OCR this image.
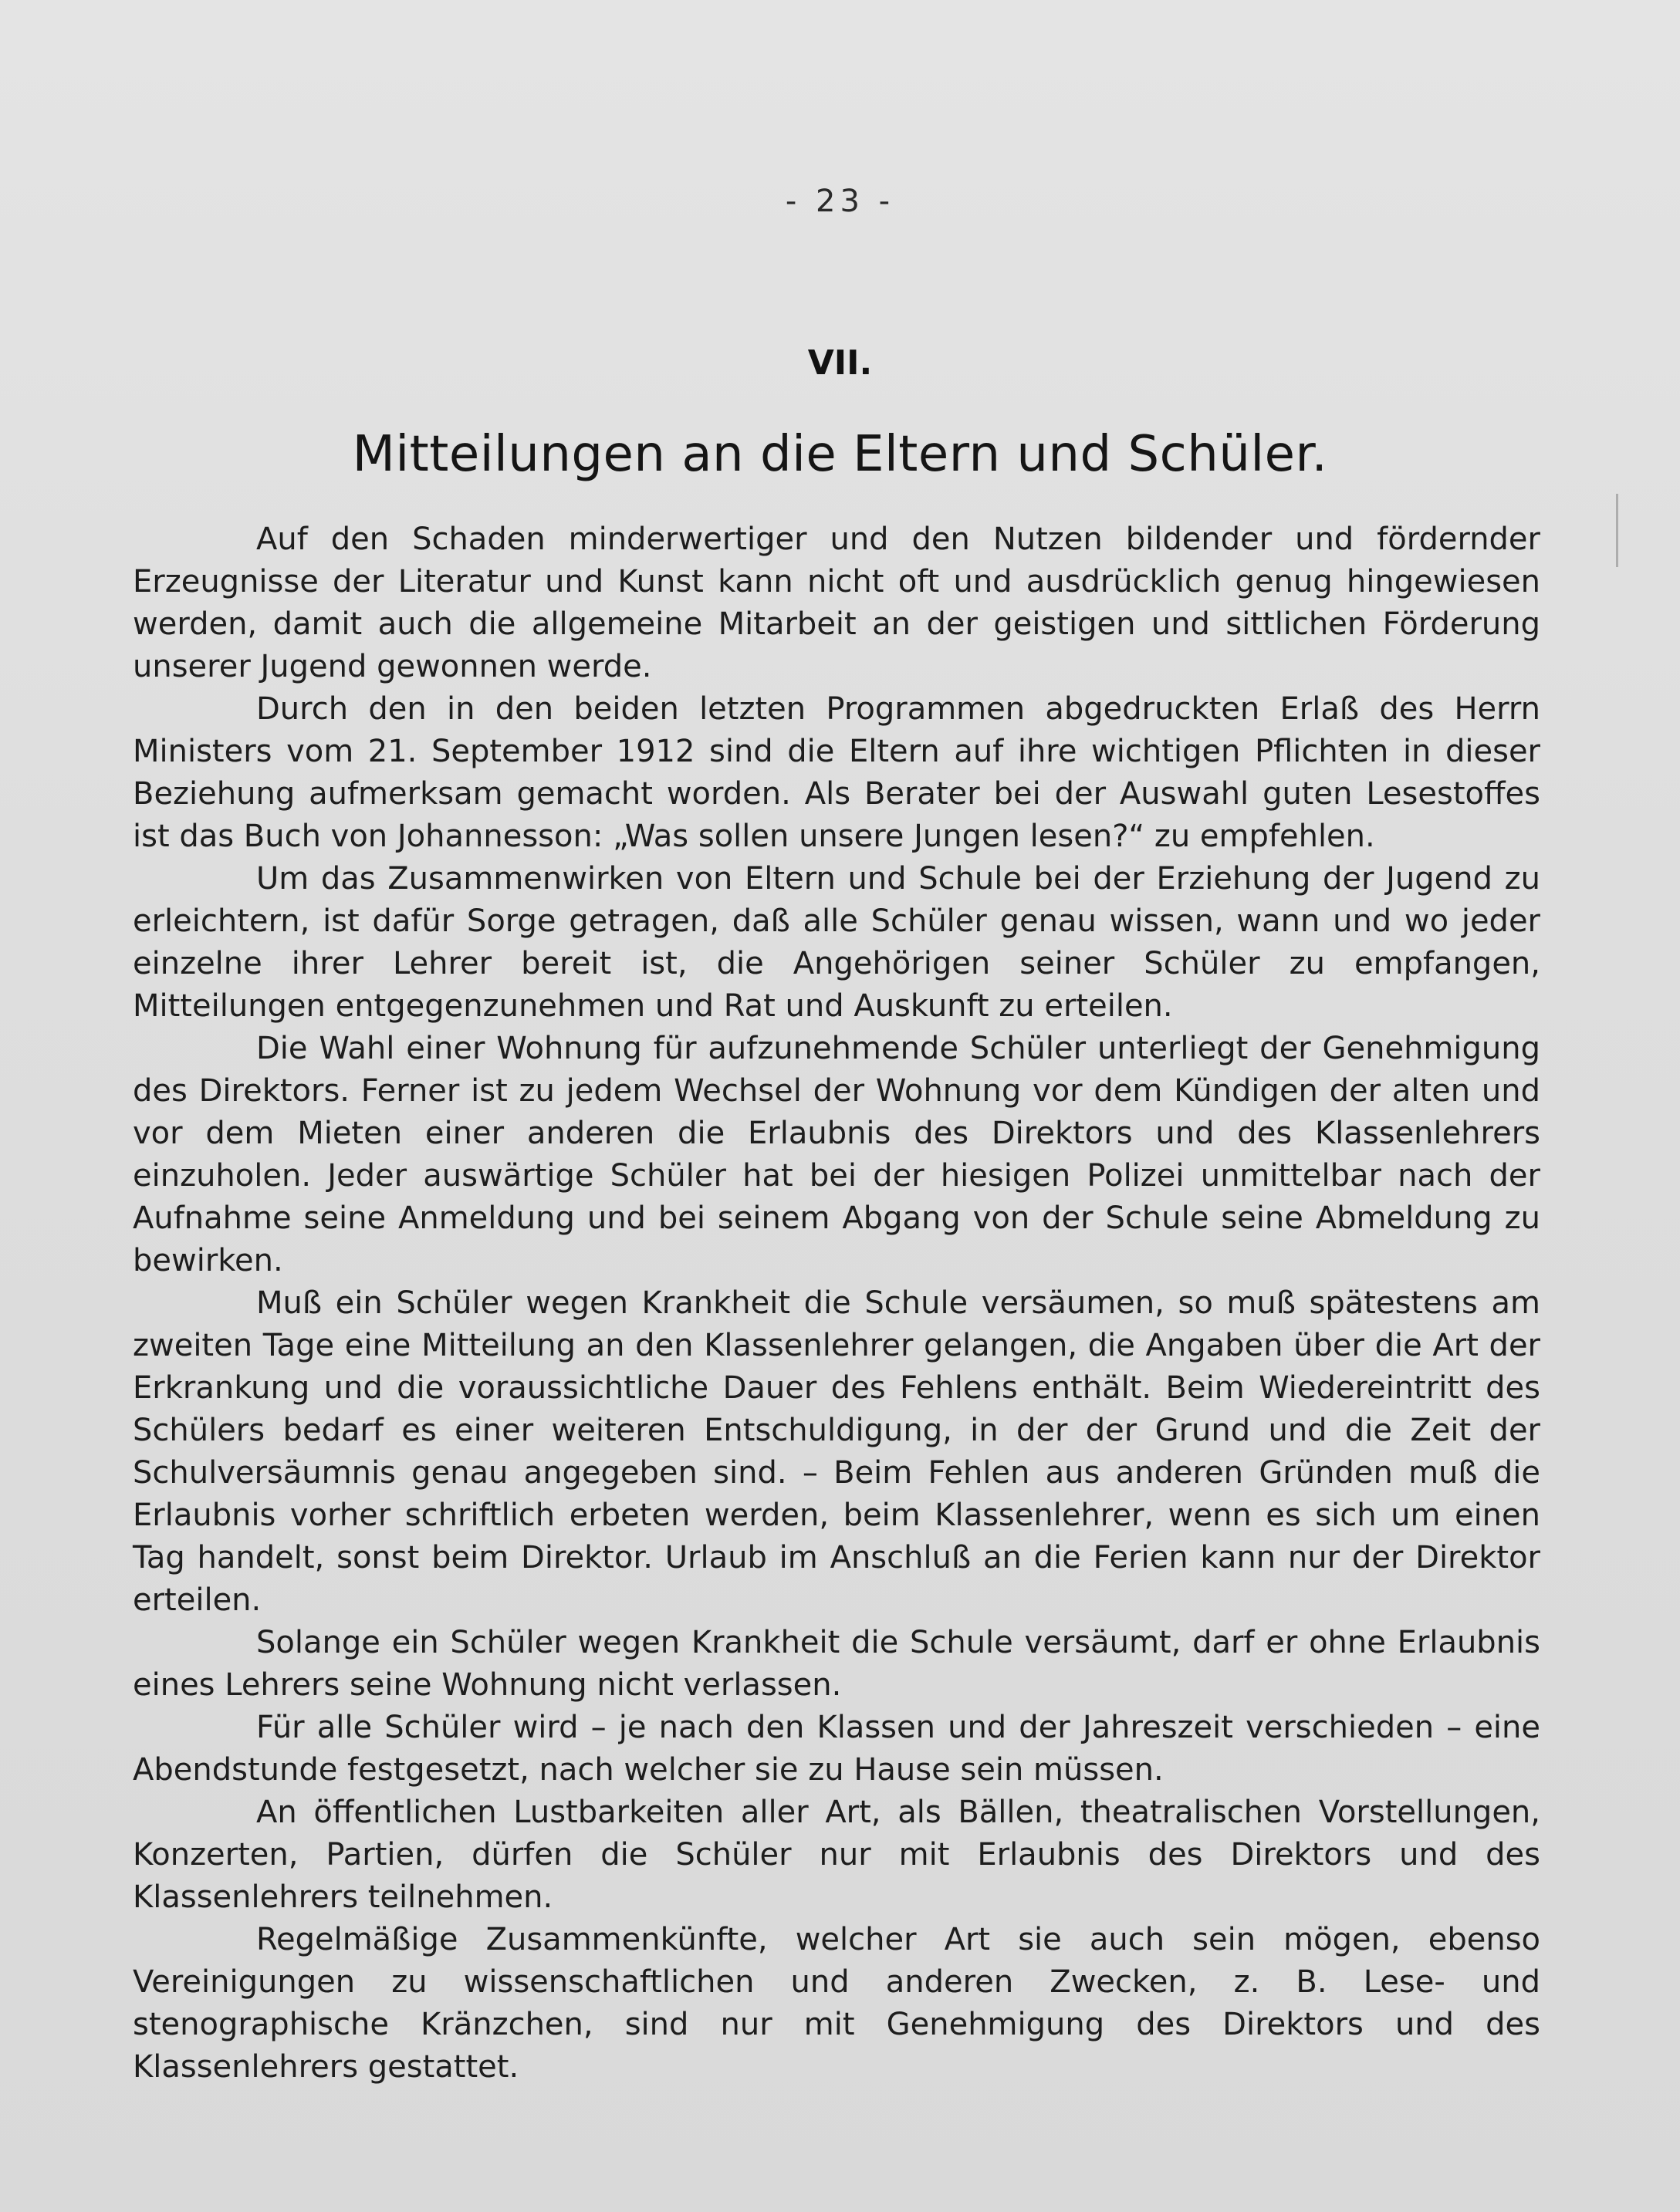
- 23 -
VII.
Mitteilungen an die Eltern und Schüler.

Auf den Schaden minderwertiger und den Nutzen bildender und fördernder Erzeugnisse der Literatur und Kunst kann nicht oft und ausdrücklich genug hingewiesen werden, damit auch die allgemeine Mitarbeit an der geistigen und sittlichen Förderung unserer Jugend gewonnen werde.

Durch den in den beiden letzten Programmen abgedruckten Erlaß des Herrn Ministers vom 21. September 1912 sind die Eltern auf ihre wichtigen Pflichten in dieser Beziehung aufmerksam gemacht worden. Als Berater bei der Auswahl guten Lesestoffes ist das Buch von Johannesson: „Was sollen unsere Jungen lesen?“ zu empfehlen.

Um das Zusammenwirken von Eltern und Schule bei der Erziehung der Jugend zu erleichtern, ist dafür Sorge getragen, daß alle Schüler genau wissen, wann und wo jeder einzelne ihrer Lehrer bereit ist, die Angehörigen seiner Schüler zu empfangen, Mitteilungen entgegenzunehmen und Rat und Auskunft zu erteilen.

Die Wahl einer Wohnung für aufzunehmende Schüler unterliegt der Genehmigung des Direktors. Ferner ist zu jedem Wechsel der Wohnung vor dem Kündigen der alten und vor dem Mieten einer anderen die Erlaubnis des Direktors und des Klassenlehrers einzuholen. Jeder auswärtige Schüler hat bei der hiesigen Polizei unmittelbar nach der Aufnahme seine Anmeldung und bei seinem Abgang von der Schule seine Abmeldung zu bewirken.

Muß ein Schüler wegen Krankheit die Schule versäumen, so muß spätestens am zweiten Tage eine Mitteilung an den Klassenlehrer gelangen, die Angaben über die Art der Erkrankung und die voraussichtliche Dauer des Fehlens enthält. Beim Wiedereintritt des Schülers bedarf es einer weiteren Entschuldigung, in der der Grund und die Zeit der Schulversäumnis genau angegeben sind. – Beim Fehlen aus anderen Gründen muß die Erlaubnis vorher schriftlich erbeten werden, beim Klassenlehrer, wenn es sich um einen Tag handelt, sonst beim Direktor. Urlaub im Anschluß an die Ferien kann nur der Direktor erteilen.

Solange ein Schüler wegen Krankheit die Schule versäumt, darf er ohne Erlaubnis eines Lehrers seine Wohnung nicht verlassen.

Für alle Schüler wird – je nach den Klassen und der Jahreszeit verschieden – eine Abendstunde festgesetzt, nach welcher sie zu Hause sein müssen.

An öffentlichen Lustbarkeiten aller Art, als Bällen, theatralischen Vorstellungen, Konzerten, Partien, dürfen die Schüler nur mit Erlaubnis des Direktors und des Klassenlehrers teilnehmen.

Regelmäßige Zusammenkünfte, welcher Art sie auch sein mögen, ebenso Vereinigungen zu wissenschaftlichen und anderen Zwecken, z. B. Lese- und stenographische Kränzchen, sind nur mit Genehmigung des Direktors und des Klassenlehrers gestattet.
